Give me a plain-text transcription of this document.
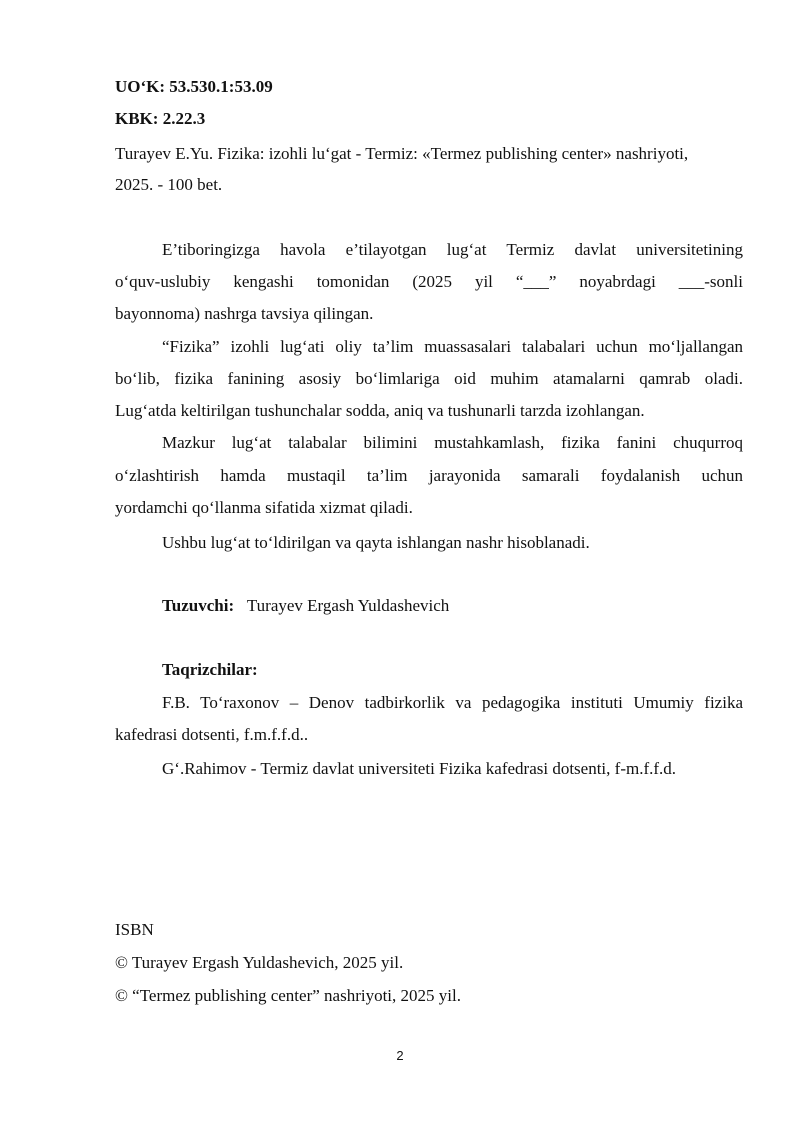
UO‘K: 53.530.1:53.09

KBK: 2.22.3

Turayev E.Yu. Fizika: izohli lu‘gat - Termiz: «Termez publishing center» nashriyoti,

2025. - 100 bet.

E’tiboringizga havola e’tilayotgan lug‘at Termiz davlat universitetining

o‘quv-uslubiy kengashi tomonidan (2025 yil “___” noyabrdagi ___-sonli

bayonnoma) nashrga tavsiya qilingan.

“Fizika” izohli lug‘ati oliy ta’lim muassasalari talabalari uchun mo‘ljallangan

bo‘lib, fizika fanining asosiy bo‘limlariga oid muhim atamalarni qamrab oladi.

Lug‘atda keltirilgan tushunchalar sodda, aniq va tushunarli tarzda izohlangan.

Mazkur lug‘at talabalar bilimini mustahkamlash, fizika fanini chuqurroq

o‘zlashtirish hamda mustaqil ta’lim jarayonida samarali foydalanish uchun

yordamchi qo‘llanma sifatida xizmat qiladi.

Ushbu lug‘at to‘ldirilgan va qayta ishlangan nashr hisoblanadi.

Tuzuvchi: Turayev Ergash Yuldashevich

Taqrizchilar:

F.B. To‘raxonov – Denov tadbirkorlik va pedagogika instituti Umumiy fizika

kafedrasi dotsenti, f.m.f.f.d..

G‘.Rahimov - Termiz davlat universiteti Fizika kafedrasi dotsenti, f-m.f.f.d.

ISBN

© Turayev Ergash Yuldashevich, 2025 yil.

© “Termez publishing center” nashriyoti, 2025 yil.

2
